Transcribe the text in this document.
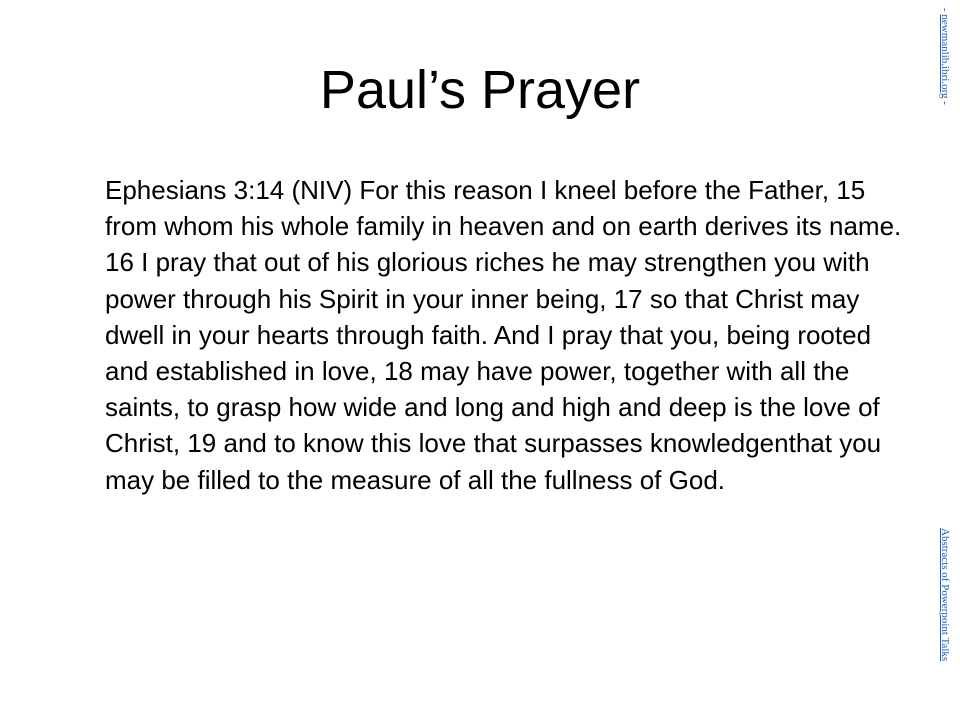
Paul’s Prayer

Ephesians 3:14 (NIV) For this reason I kneel before the Father, 15 from whom his whole family in heaven and on earth derives its name. 16 I pray that out of his glorious riches he may strengthen you with power through his Spirit in your inner being, 17 so that Christ may dwell in your hearts through faith. And I pray that you, being rooted and established in love, 18 may have power, together with all the saints, to grasp how wide and long and high and deep is the love of Christ, 19 and to know this love that surpasses knowledgenthat you may be filled to the measure of all the fullness of God.

- newmanlib.ibri.org -
Abstracts of Powerpoint Talks
